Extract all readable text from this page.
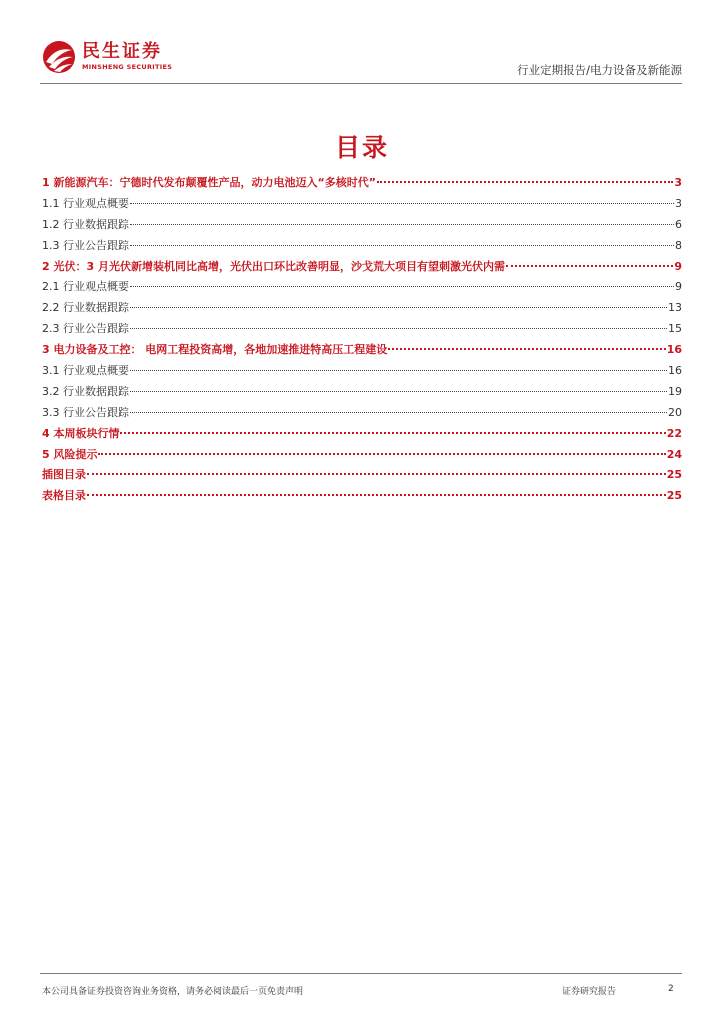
民生证券
MINSHENG SECURITIES	行业定期报告/电力设备及新能源
目录
1 新能源汽车：宁德时代发布颠覆性产品，动力电池迈入“多核时代”	3
1.1 行业观点概要	3
1.2 行业数据跟踪	6
1.3 行业公告跟踪	8
2 光伏：3 月光伏新增装机同比高增，光伏出口环比改善明显，沙戈荒大项目有望刺激光伏内需	9
2.1 行业观点概要	9
2.2 行业数据跟踪	13
2.3 行业公告跟踪	15
3 电力设备及工控： 电网工程投资高增，各地加速推进特高压工程建设	16
3.1 行业观点概要	16
3.2 行业数据跟踪	19
3.3 行业公告跟踪	20
4 本周板块行情	22
5 风险提示	24
插图目录	25
表格目录	25
本公司具备证券投资咨询业务资格，请务必阅读最后一页免责声明	证券研究报告	2
